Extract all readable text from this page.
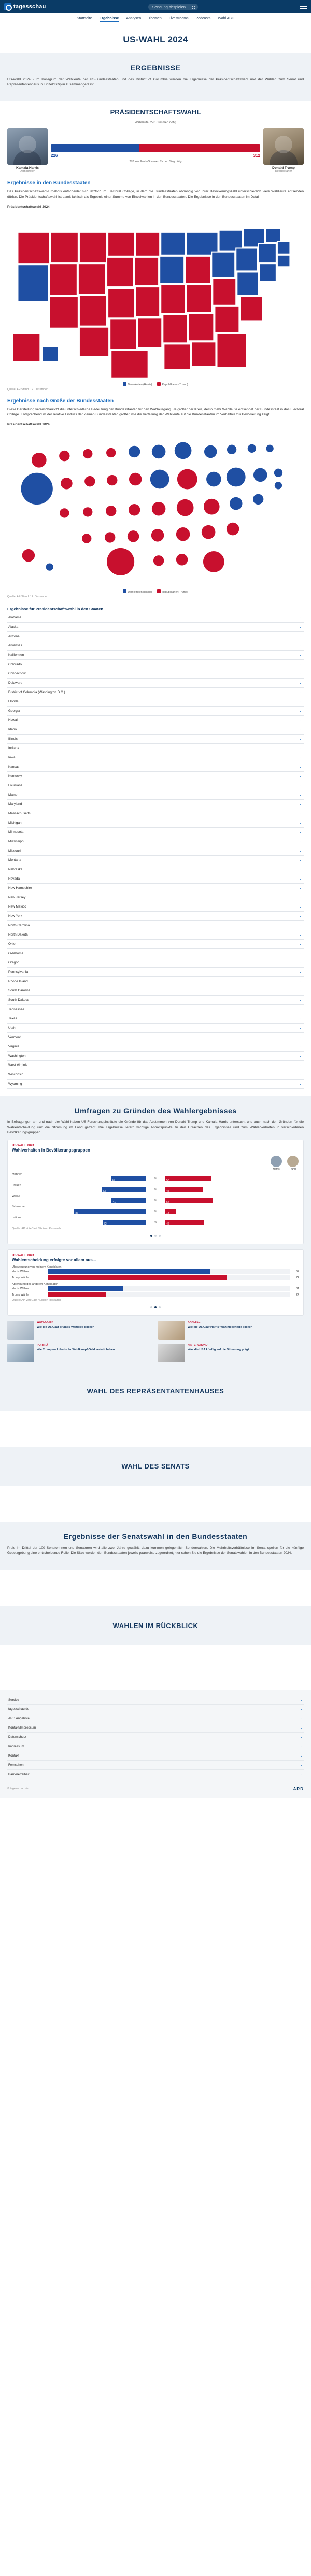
tagesschau	Sendung abspielen
Startseite Ergebnisse Analysen Themen Livestreams Podcasts Wahl ABC
US-WAHL 2024
ERGEBNISSE

US-Wahl 2024 - Im Kollegium der Wahlleute der US-Bundesstaaten und des District of Columbia werden die Ergebnisse der Präsidentschaftswahl und der Wahlen zum Senat und Repräsentantenhaus in Einzeldisziplin zusammengefasst.

PRÄSIDENTSCHAFTSWAHL
Wahlleute: 270 Stimmen nötig
Kamala Harris
Demokraten
226	312
270 Wahlleute-Stimmen für den Sieg nötig
Donald Trump
Republikaner
Ergebnisse in den Bundesstaaten

Das Präsidentschaftswahl-Ergebnis entscheidet sich letztlich im Electoral College, in dem die Bundesstaaten abhängig von ihrer Bevölkerungszahl unterschiedlich viele Wahlleute entsenden dürfen. Die Präsidentschaftswahl ist damit faktisch als Ergebnis einer Summe von Einzelwahlen in den Bundesstaaten. Die Ergebnisse in den Bundesstaaten im Detail.

Präsidentschaftswahl 2024
Demokraten (Harris)	Republikaner (Trump)
Quelle: AP/Stand: 12. Dezember
Ergebnisse nach Größe der Bundesstaaten

Diese Darstellung veranschaulicht die unterschiedliche Bedeutung der Bundesstaaten für den Wahlausgang. Je größer der Kreis, desto mehr Wahlleute entsendet der Bundesstaat in das Electoral College. Entsprechend ist der relative Einfluss der kleinen Bundesstaaten größer, wie die Verteilung der Wahlleute auf die Bundesstaaten im Verhältnis zur Bevölkerung zeigt.

Präsidentschaftswahl 2024
Demokraten (Harris)	Republikaner (Trump)
Quelle: AP/Stand: 12. Dezember
Ergebnisse für Präsidentschaftswahl in den Staaten
Alabama	⌄
Alaska	⌄
Arizona	⌄
Arkansas	⌄
Kalifornien	⌄
Colorado	⌄
Connecticut	⌄
Delaware	⌄
District of Columbia (Washington D.C.)	⌄
Florida	⌄
Georgia	⌄
Hawaii	⌄
Idaho	⌄
Illinois	⌄
Indiana	⌄
Iowa	⌄
Kansas	⌄
Kentucky	⌄
Louisiana	⌄
Maine	⌄
Maryland	⌄
Massachusetts	⌄
Michigan	⌄
Minnesota	⌄
Mississippi	⌄
Missouri	⌄
Montana	⌄
Nebraska	⌄
Nevada	⌄
New Hampshire	⌄
New Jersey	⌄
New Mexico	⌄
New York	⌄
North Carolina	⌄
North Dakota	⌄
Ohio	⌄
Oklahoma	⌄
Oregon	⌄
Pennsylvania	⌄
Rhode Island	⌄
South Carolina	⌄
South Dakota	⌄
Tennessee	⌄
Texas	⌄
Utah	⌄
Vermont	⌄
Virginia	⌄
Washington	⌄
West Virginia	⌄
Wisconsin	⌄
Wyoming	⌄
Umfragen zu Gründen des Wahlergebnisses

In Befragungen am und nach der Wahl haben US-Forschungsinstitute die Gründe für das Abstimmen von Donald Trump und Kamala Harris untersucht und auch nach den Gründen für die Wahlentscheidung und die Stimmung im Land gefragt. Die Ergebnisse liefern wichtige Anhaltspunkte zu den Ursachen des Ergebnisses und zum Wählerverhalten in verschiedenen Bevölkerungsgruppen.

US-WAHL 2024
Wahlverhalten in Bevölkerungsgruppen
Harris	Trump
Männer
42
%
55
Frauen
53
%
45
Weiße
41
%
57
Schwarze
86
%
13
Latinos
52
%
46
Quelle: AP VoteCast / Edison Research
US-WAHL 2024
Wahlentscheidung erfolgte vor allem aus...
Überzeugung von meinem Kandidaten
Harris Wähler	67
Trump Wähler	74
Ablehnung des anderen Kandidaten
Harris Wähler	31
Trump Wähler	24
Quelle: AP VoteCast / Edison Research
WAHLKAMPF
Wie die USA auf Trumps Wahlsieg blicken
ANALYSE
Wie die USA auf Harris' Wahlniederlage blicken
PORTRÄT
Wie Trump und Harris ihr Wahlkampf-Geld verteilt haben
HINTERGRUND
Was die USA künftig auf die Stimmung prägt
WAHL DES REPRÄSENTANTENHAUSES
WAHL DES SENATS
Ergebnisse der Senatswahl in den Bundesstaaten

Preis im Drittel der 100 Senatorinnen und Senatoren wird alle zwei Jahre gewählt, dazu kommen gelegentlich Sonderwahlen. Die Mehrheitsverhältnisse im Senat speilen für die künftige Gesetzgebung eine entscheidende Rolle. Die Sitze werden den Bundesstaaten jeweils paarweise zugeordnet; hier sehen Sie die Ergebnisse der Senatswahlen in den Bundesstaaten 2024.

WAHLEN IM RÜCKBLICK
Service	⌄
tagesschau.de	⌄
ARD Angebote	⌄
Kontakt/Impressum	⌄
Datenschutz	⌄
Impressum	⌄
Kontakt	⌄
Fernsehen	⌄
Barrierefreiheit	⌄
© tagesschau.de	ARD
